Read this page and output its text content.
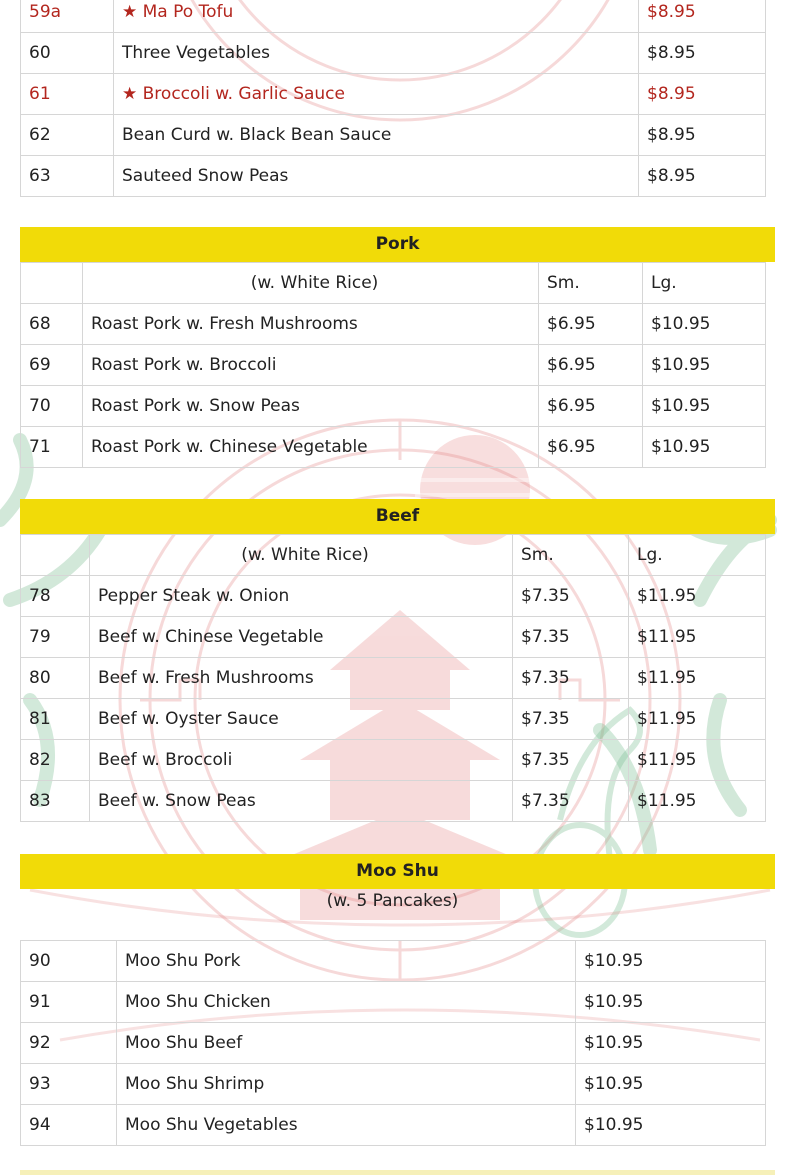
59a	★ Ma Po Tofu	$8.95
60	Three Vegetables	$8.95
61	★ Broccoli w. Garlic Sauce	$8.95
62	Bean Curd w. Black Bean Sauce	$8.95
63	Sauteed Snow Peas	$8.95
Pork
	(w. White Rice)	Sm.	Lg.
68	Roast Pork w. Fresh Mushrooms	$6.95	$10.95
69	Roast Pork w. Broccoli	$6.95	$10.95
70	Roast Pork w. Snow Peas	$6.95	$10.95
71	Roast Pork w. Chinese Vegetable	$6.95	$10.95
Beef
	(w. White Rice)	Sm.	Lg.
78	Pepper Steak w. Onion	$7.35	$11.95
79	Beef w. Chinese Vegetable	$7.35	$11.95
80	Beef w. Fresh Mushrooms	$7.35	$11.95
81	Beef w. Oyster Sauce	$7.35	$11.95
82	Beef w. Broccoli	$7.35	$11.95
83	Beef w. Snow Peas	$7.35	$11.95
Moo Shu
(w. 5 Pancakes)
90	Moo Shu Pork	$10.95
91	Moo Shu Chicken	$10.95
92	Moo Shu Beef	$10.95
93	Moo Shu Shrimp	$10.95
94	Moo Shu Vegetables	$10.95
